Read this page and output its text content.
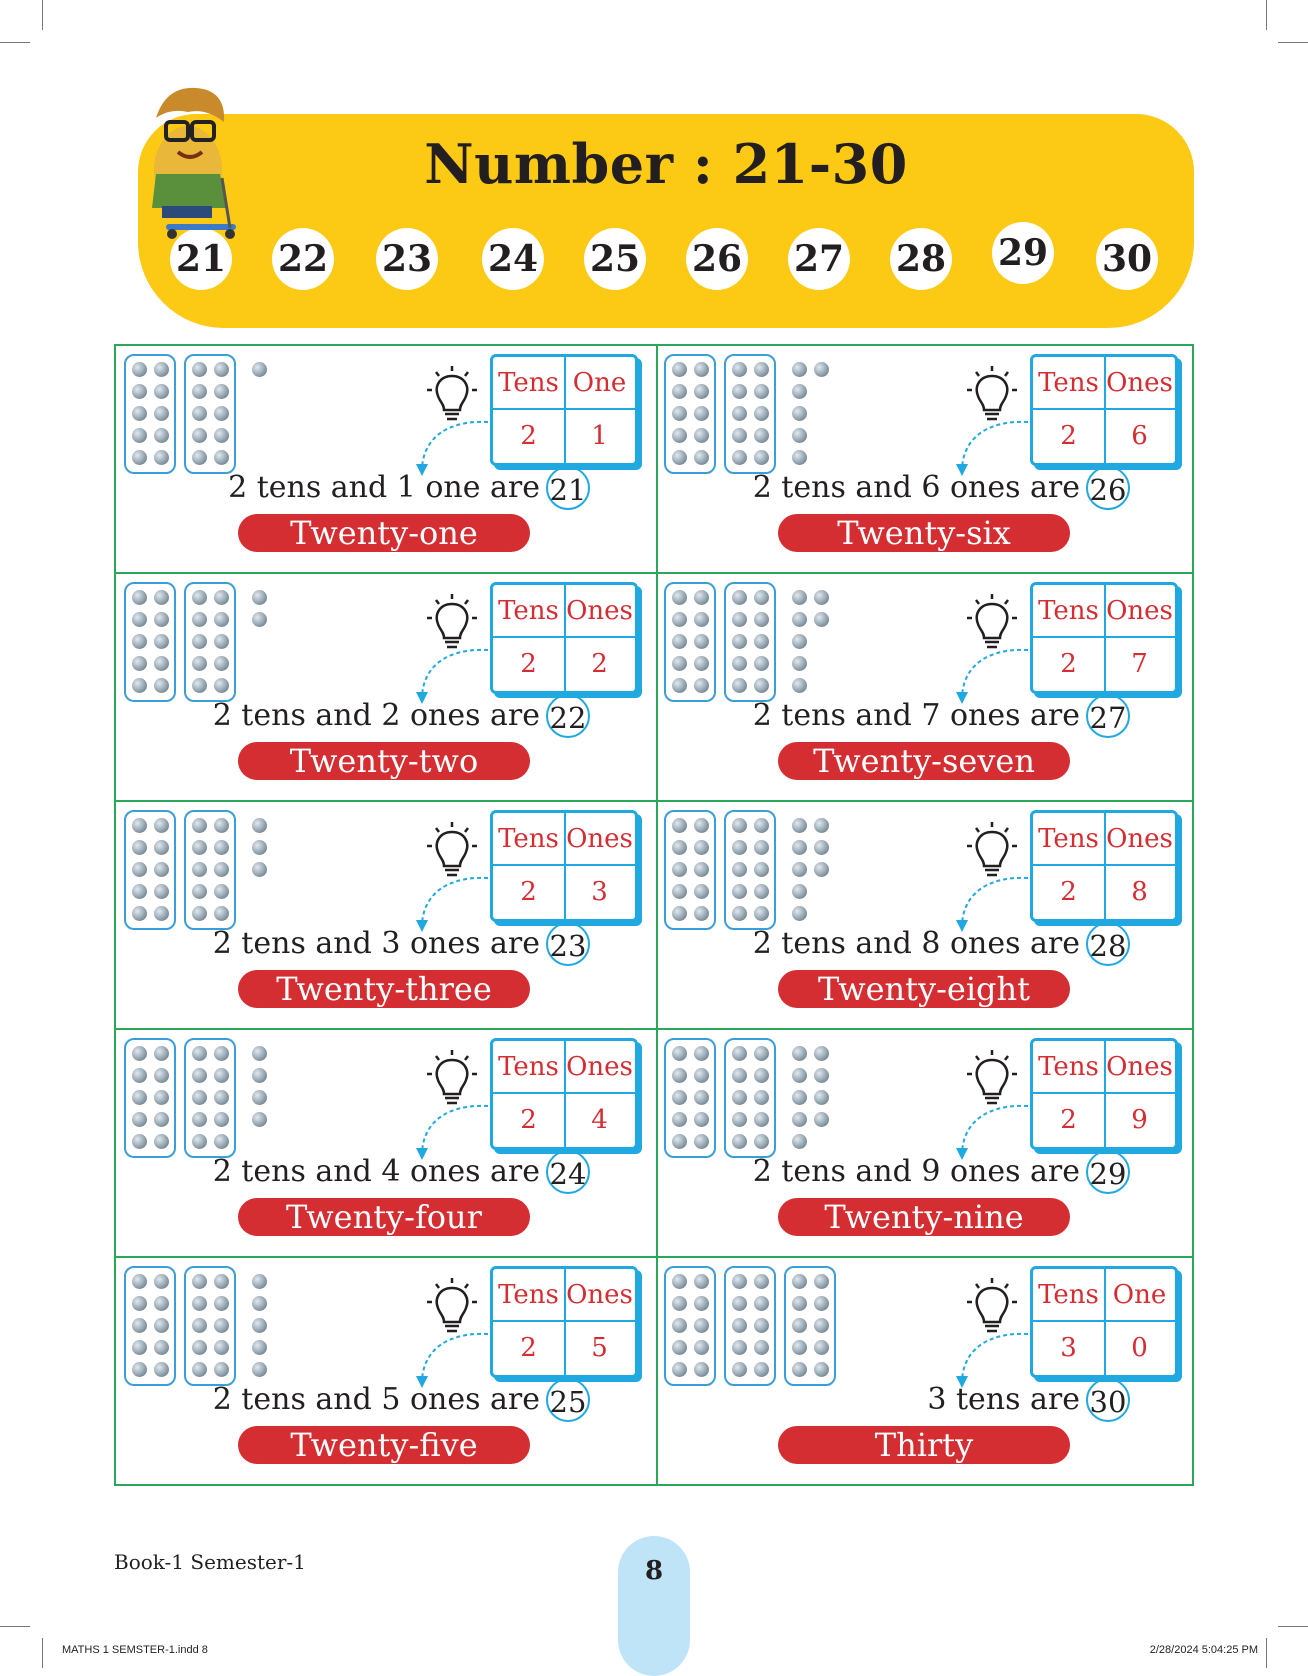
Number : 21-30
21 22 23 24 25 26 27 28 29 30
Tens One
2	1
2 tens and 1 one are 21
Twenty-one
Tens Ones
2	6
2 tens and 6 ones are 26
Twenty-six
Tens Ones
2	2
2 tens and 2 ones are 22
Twenty-two
Tens Ones
2	7
2 tens and 7 ones are 27
Twenty-seven
Tens Ones
2	3
2 tens and 3 ones are 23
Twenty-three
Tens Ones
2	8
2 tens and 8 ones are 28
Twenty-eight
Tens Ones
2	4
2 tens and 4 ones are 24
Twenty-four
Tens Ones
2	9
2 tens and 9 ones are 29
Twenty-nine
Tens Ones
2	5
2 tens and 5 ones are 25
Twenty-five
Tens One
3	0
3 tens are 30
Thirty
Book-1 Semester-1	8
MATHS 1 SEMSTER-1.indd 8	2/28/2024 5:04:25 PM
